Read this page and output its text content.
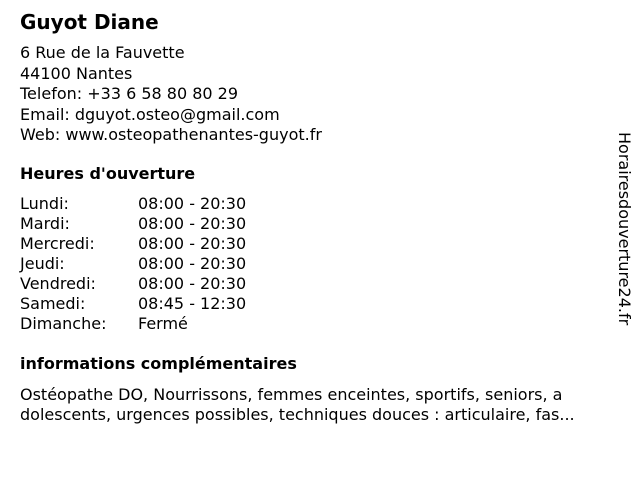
Guyot Diane
6 Rue de la Fauvette
44100 Nantes
Telefon: +33 6 58 80 80 29
Email: dguyot.osteo@gmail.com
Web: www.osteopathenantes-guyot.fr
Heures d'ouverture
Lundi:	08:00 - 20:30
Mardi:	08:00 - 20:30
Mercredi:	08:00 - 20:30
Jeudi:	08:00 - 20:30
Vendredi:	08:00 - 20:30
Samedi:	08:45 - 12:30
Dimanche:	Fermé
informations complémentaires
Ostéopathe DO, Nourrissons, femmes enceintes, sportifs, seniors, a
dolescents, urgences possibles, techniques douces : articulaire, fas...
Horairesdouverture24.fr
